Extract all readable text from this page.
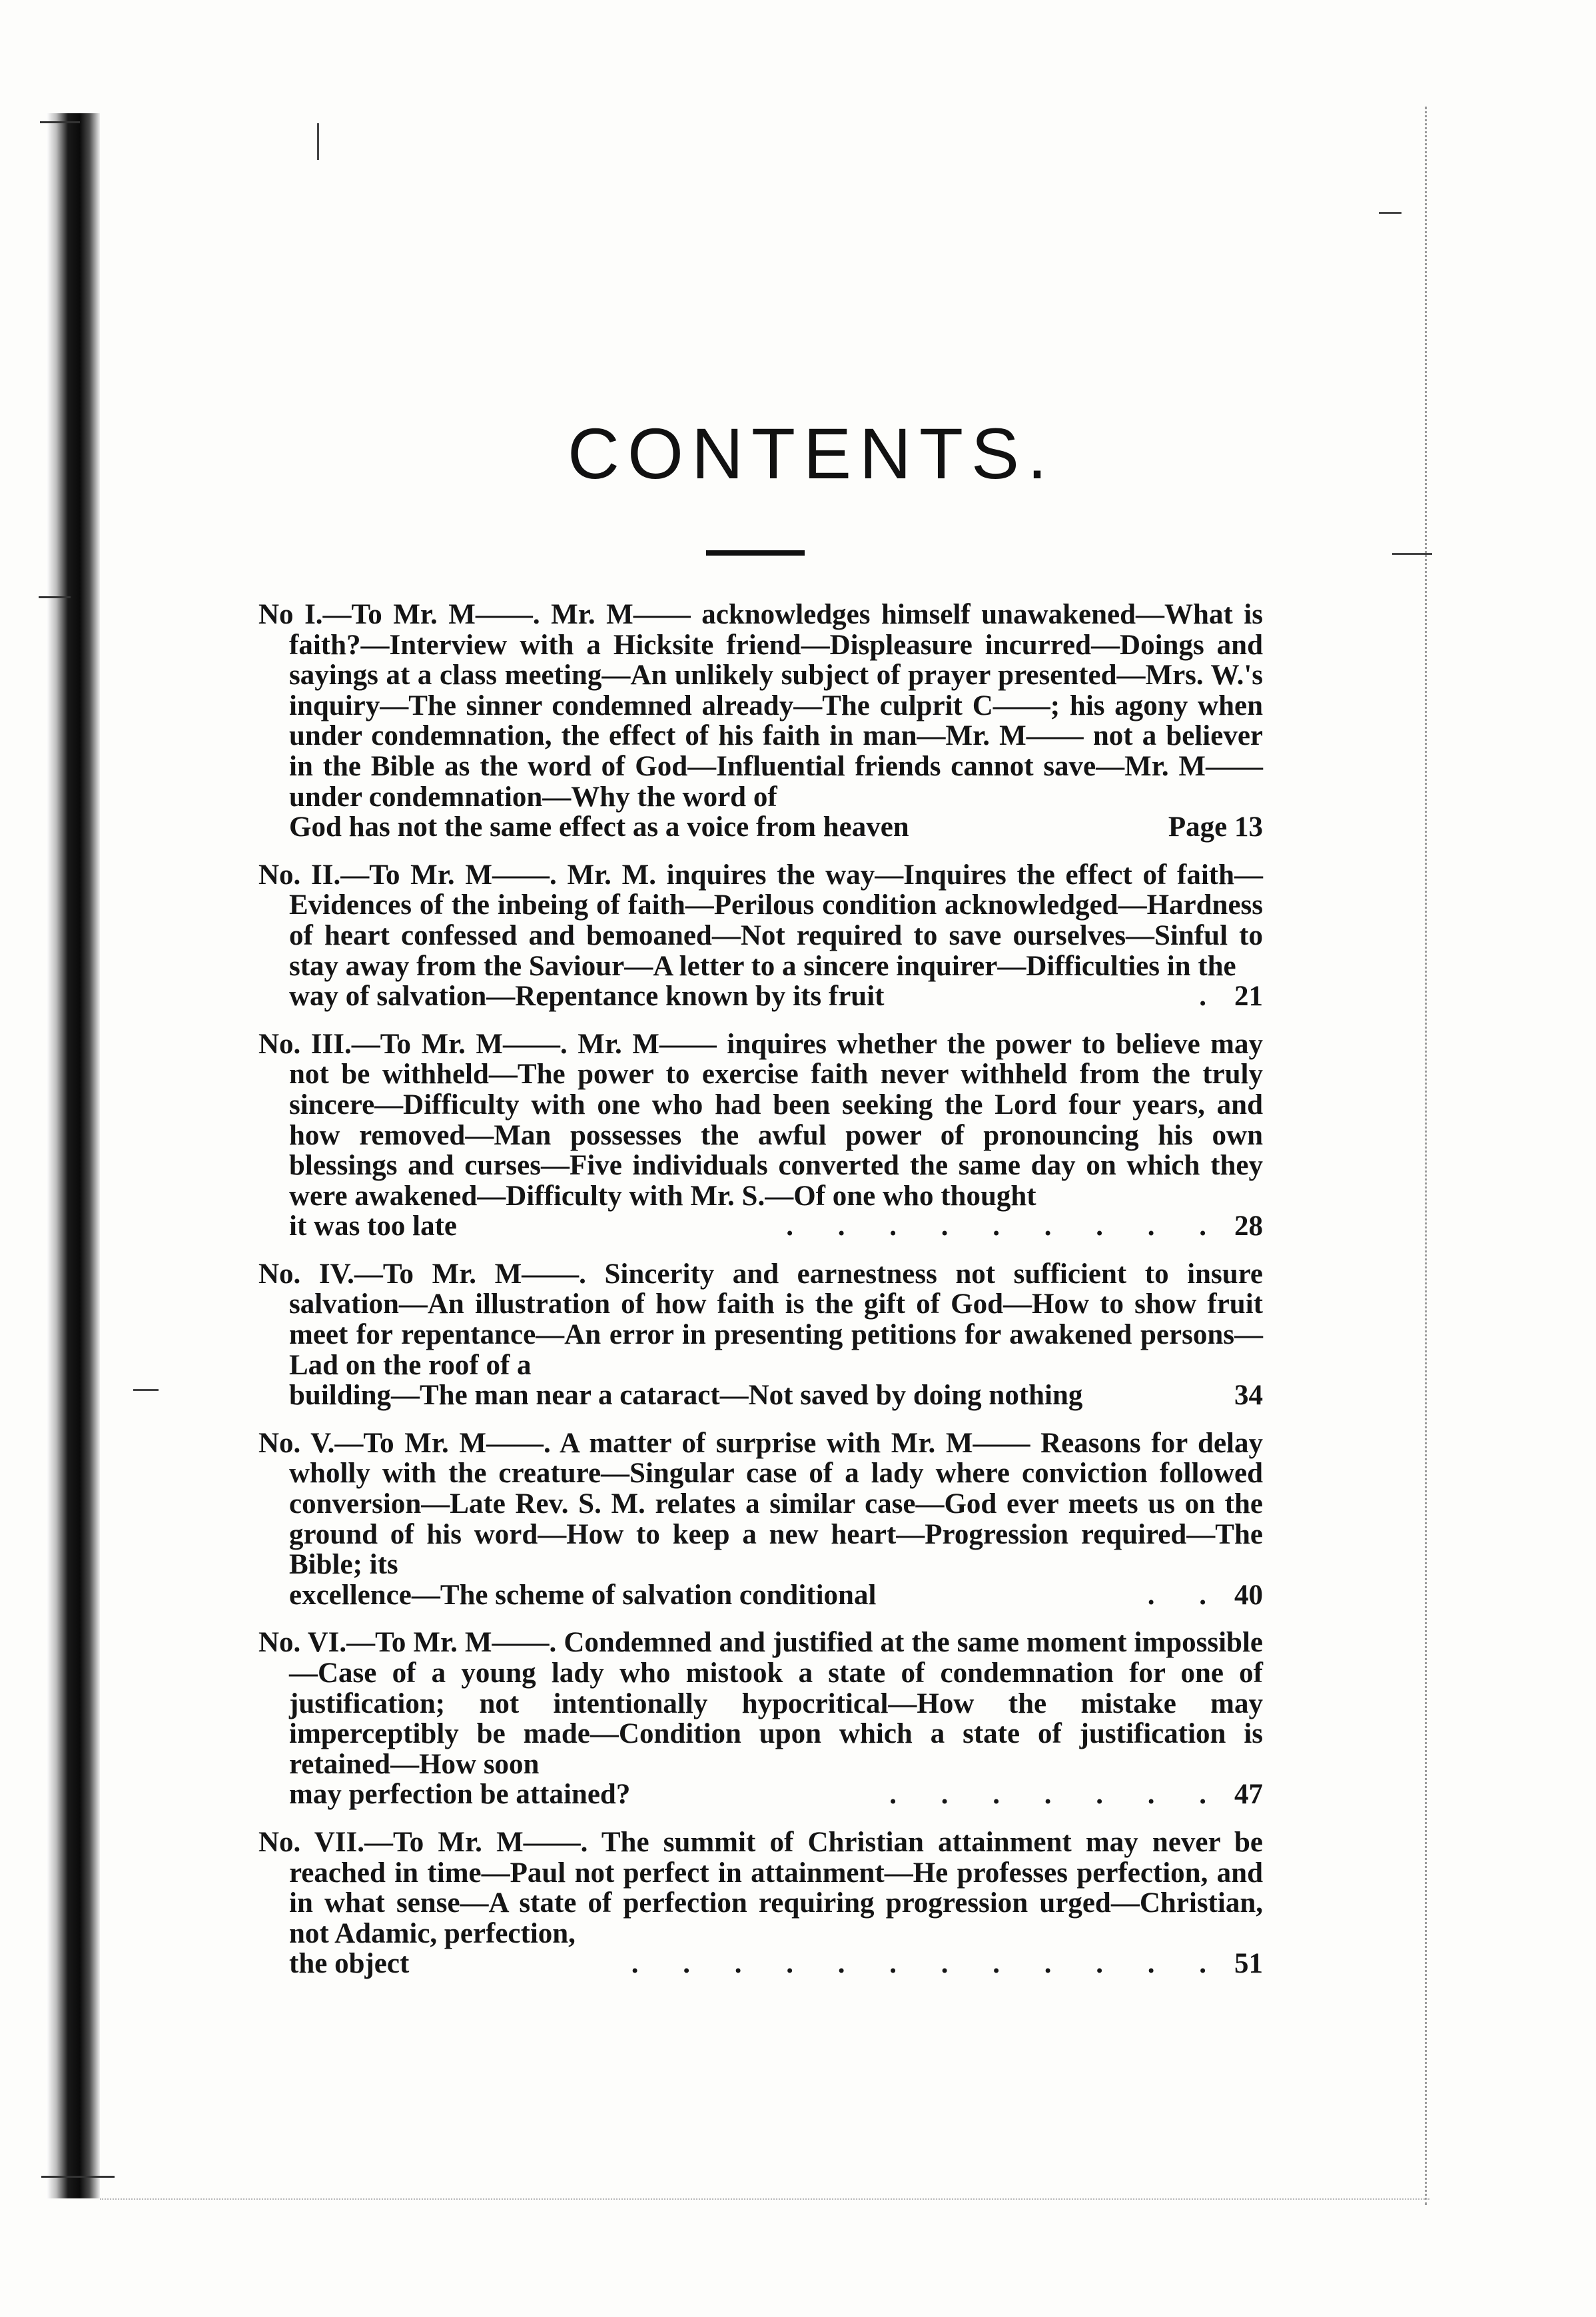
CONTENTS.
No I.—To Mr. M——. Mr. M—— acknowledges himself unawakened—What is faith?—Interview with a Hicksite friend—Displeasure incurred—Doings and sayings at a class meeting—An unlikely subject of prayer presented—Mrs. W.'s inquiry—The sinner condemned already—The culprit C——; his agony when under condemnation, the effect of his faith in man—Mr. M—— not a believer in the Bible as the word of God—Influential friends cannot save—Mr. M—— under condemnation—Why the word of
God has not the same effect as a voice from heaven	Page 13
No. II.—To Mr. M——. Mr. M. inquires the way—Inquires the effect of faith—Evidences of the inbeing of faith—Perilous condition acknowledged—Hardness of heart confessed and bemoaned—Not required to save ourselves—Sinful to stay away from the Saviour—A letter to a sincere inquirer—Difficulties in the
way of salvation—Repentance known by its fruit	. 21
No. III.—To Mr. M——. Mr. M—— inquires whether the power to believe may not be withheld—The power to exercise faith never withheld from the truly sincere—Difficulty with one who had been seeking the Lord four years, and how removed—Man possesses the awful power of pronouncing his own blessings and curses—Five individuals converted the same day on which they were awakened—Difficulty with Mr. S.—Of one who thought
it was too late	. . . . . . . . . 28
No. IV.—To Mr. M——. Sincerity and earnestness not sufficient to insure salvation—An illustration of how faith is the gift of God—How to show fruit meet for repentance—An error in presenting petitions for awakened persons—Lad on the roof of a
building—The man near a cataract—Not saved by doing nothing	34
No. V.—To Mr. M——. A matter of surprise with Mr. M—— Reasons for delay wholly with the creature—Singular case of a lady where conviction followed conversion—Late Rev. S. M. relates a similar case—God ever meets us on the ground of his word—How to keep a new heart—Progression required—The Bible; its
excellence—The scheme of salvation conditional	. . 40
No. VI.—To Mr. M——. Condemned and justified at the same moment impossible—Case of a young lady who mistook a state of condemnation for one of justification; not intentionally hypocritical—How the mistake may imperceptibly be made—Condition upon which a state of justification is retained—How soon
may perfection be attained?	. . . . . . . 47
No. VII.—To Mr. M——. The summit of Christian attainment may never be reached in time—Paul not perfect in attainment—He professes perfection, and in what sense—A state of perfection requiring progression urged—Christian, not Adamic, perfection,
the object	. . . . . . . . . . . . 51
